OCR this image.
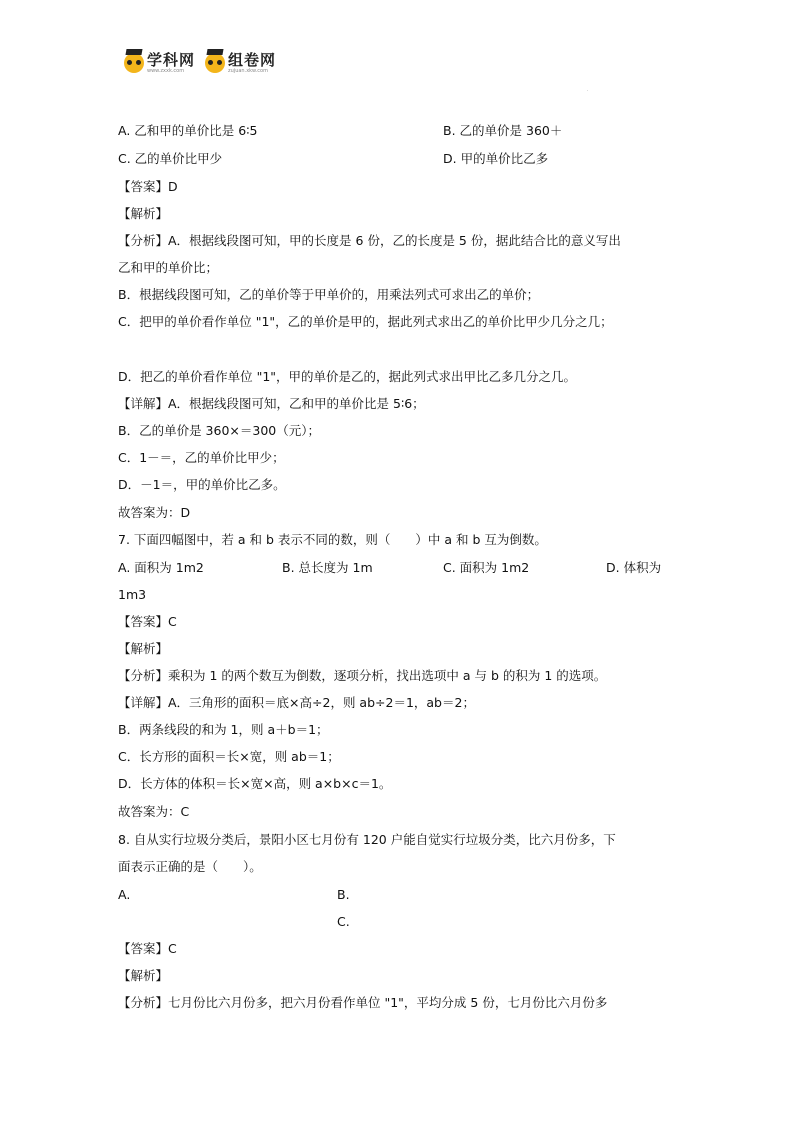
学科网
www.zxxk.com
组卷网
zujuan.xkw.com
A. 乙和甲的单价比是 6∶5	B. 乙的单价是 360＋
C. 乙的单价比甲少	D. 甲的单价比乙多
【答案】D
【解析】
【分析】A．根据线段图可知，甲的长度是 6 份，乙的长度是 5 份，据此结合比的意义写出
乙和甲的单价比；
B．根据线段图可知，乙的单价等于甲单价的，用乘法列式可求出乙的单价；
C．把甲的单价看作单位 "1"，乙的单价是甲的，据此列式求出乙的单价比甲少几分之几；
D．把乙的单价看作单位 "1"，甲的单价是乙的，据此列式求出甲比乙多几分之几。
【详解】A．根据线段图可知，乙和甲的单价比是 5∶6；
B．乙的单价是 360×＝300（元）；
C．1－＝，乙的单价比甲少；
D．－1＝，甲的单价比乙多。
故答案为：D
7. 下面四幅图中，若 a 和 b 表示不同的数，则（　　）中 a 和 b 互为倒数。
A. 面积为 1m2	B. 总长度为 1m	C. 面积为 1m2	D. 体积为
1m3
【答案】C
【解析】
【分析】乘积为 1 的两个数互为倒数，逐项分析，找出选项中 a 与 b 的积为 1 的选项。
【详解】A．三角形的面积＝底×高÷2，则 ab÷2＝1，ab＝2；
B．两条线段的和为 1，则 a＋b＝1；
C．长方形的面积＝长×宽，则 ab＝1；
D．长方体的体积＝长×宽×高，则 a×b×c＝1。
故答案为：C
8. 自从实行垃圾分类后，景阳小区七月份有 120 户能自觉实行垃圾分类，比六月份多，下
面表示正确的是（　　）。
A.	B.
C.
【答案】C
【解析】
【分析】七月份比六月份多，把六月份看作单位 "1"，平均分成 5 份，七月份比六月份多
